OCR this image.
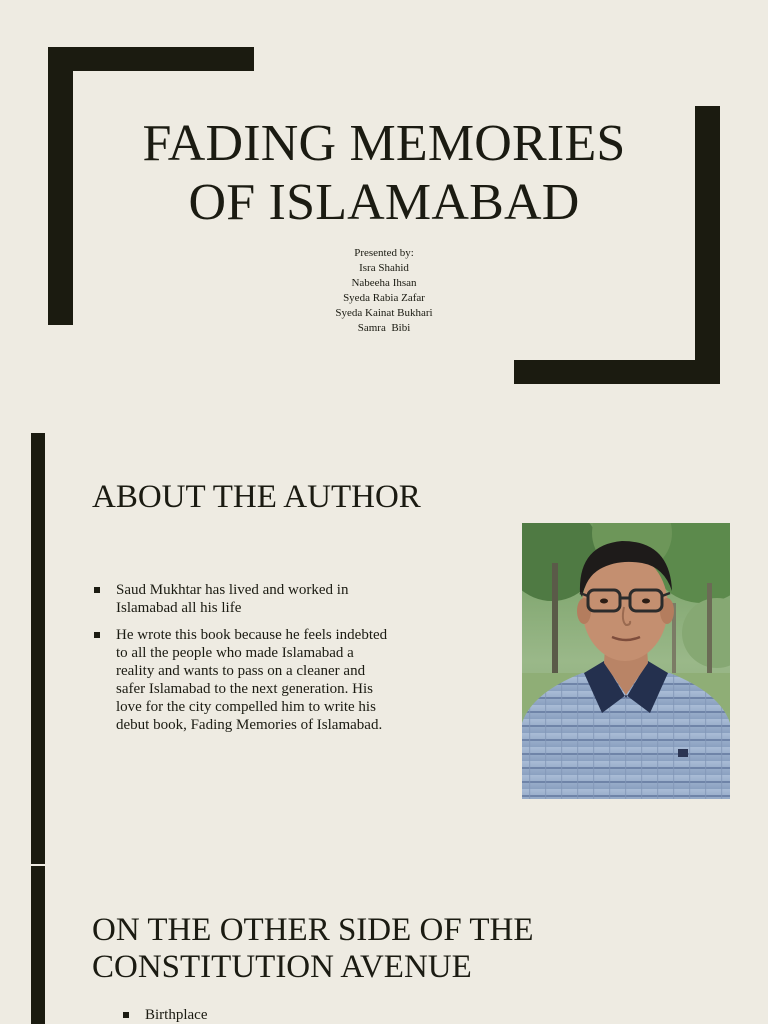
FADING MEMORIES
OF ISLAMABAD
Presented by:
Isra Shahid
Nabeeha Ihsan
Syeda Rabia Zafar
Syeda Kainat Bukhari
Samra  Bibi
ABOUT THE AUTHOR
Saud Mukhtar has lived and worked in Islamabad all his life
He wrote this book because he feels indebted to all the people who made Islamabad a reality and wants to pass on a cleaner and safer Islamabad to the next generation. His love for the city compelled him to write his debut book, Fading Memories of Islamabad.
ON THE OTHER SIDE OF THE
CONSTITUTION AVENUE
Birthplace
